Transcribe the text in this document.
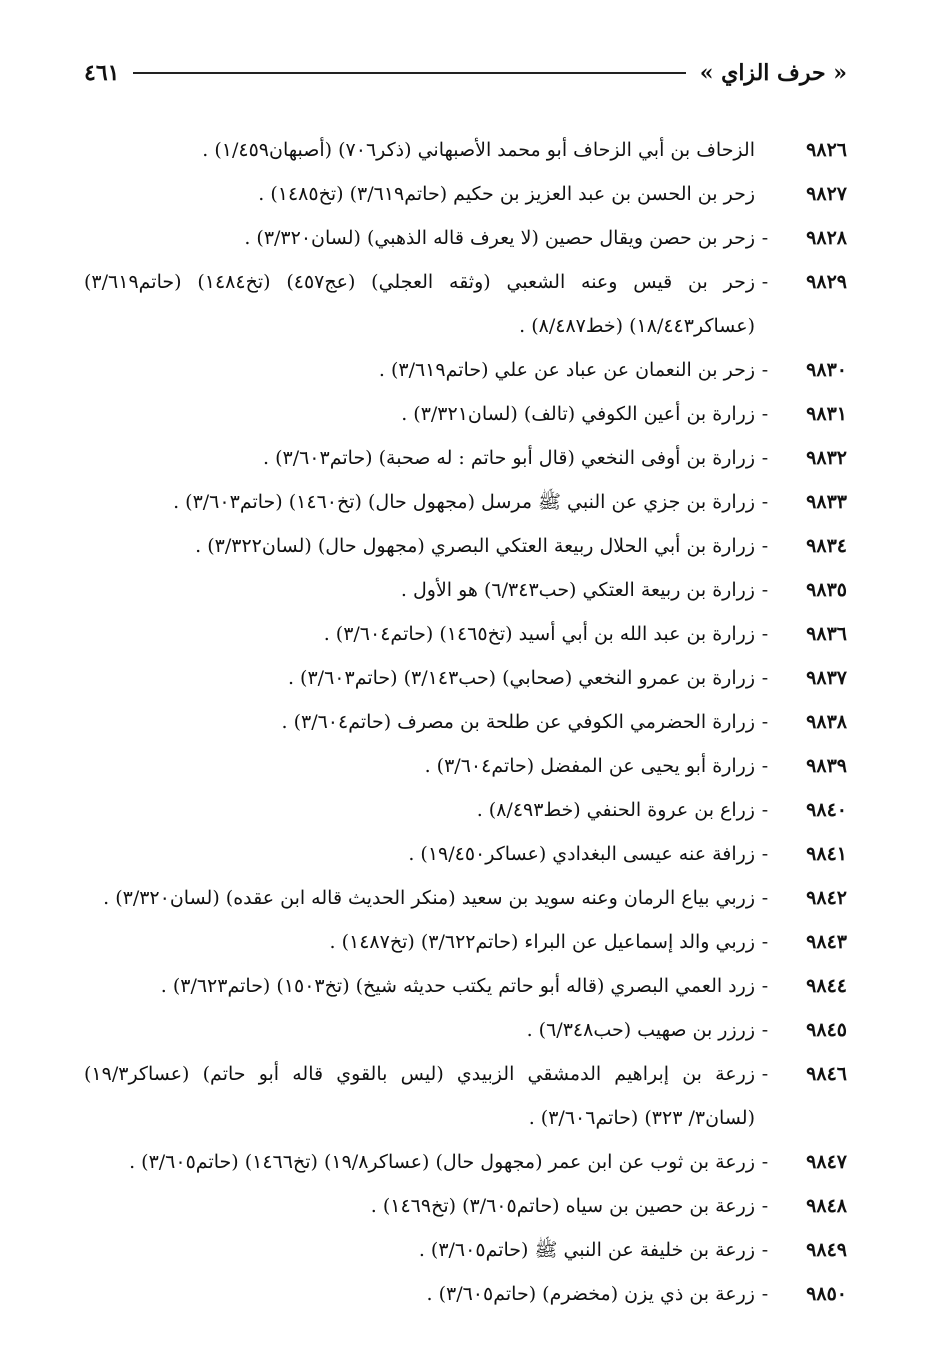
٤٦١	« حرف الزاي »
٩٨٢٦
الزحاف بن أبي الزحاف أبو محمد الأصبهاني (ذكر٧٠٦) (أصبهان١/٤٥٩) .
٩٨٢٧
زحر بن الحسن بن عبد العزيز بن حكيم (حاتم٣/٦١٩) (تخ١٤٨٥) .
٩٨٢٨
-
زحر بن حصن ويقال حصين (لا يعرف قاله الذهبي) (لسان٣/٣٢٠) .
٩٨٢٩
-
زحر بن قيس وعنه الشعبي (وثقه العجلي) (عج٤٥٧) (تخ١٤٨٤) (حاتم٣/٦١٩) (عساكر١٨/٤٤٣) (خط٨/٤٨٧) .
٩٨٣٠
-
زحر بن النعمان عن عباد عن علي (حاتم٣/٦١٩) .
٩٨٣١
-
زرارة بن أعين الكوفي (تالف) (لسان٣/٣٢١) .
٩٨٣٢
-
زرارة بن أوفى النخعي (قال أبو حاتم : له صحبة) (حاتم٣/٦٠٣) .
٩٨٣٣
-
زرارة بن جزي عن النبي ﷺ مرسل (مجهول حال) (تخ١٤٦٠) (حاتم٣/٦٠٣) .
٩٨٣٤
-
زرارة بن أبي الحلال ربيعة العتكي البصري (مجهول حال) (لسان٣/٣٢٢) .
٩٨٣٥
-
زرارة بن ربيعة العتكي (حب٦/٣٤٣) هو الأول .
٩٨٣٦
-
زرارة بن عبد الله بن أبي أسيد (تخ١٤٦٥) (حاتم٣/٦٠٤) .
٩٨٣٧
-
زرارة بن عمرو النخعي (صحابي) (حب٣/١٤٣) (حاتم٣/٦٠٣) .
٩٨٣٨
-
زرارة الحضرمي الكوفي عن طلحة بن مصرف (حاتم٣/٦٠٤) .
٩٨٣٩
-
زرارة أبو يحيى عن المفضل (حاتم٣/٦٠٤) .
٩٨٤٠
-
زراع بن عروة الحنفي (خط٨/٤٩٣) .
٩٨٤١
-
زرافة عنه عيسى البغدادي (عساكر١٩/٤٥٠) .
٩٨٤٢
-
زربي بياع الرمان وعنه سويد بن سعيد (منكر الحديث قاله ابن عقده) (لسان٣/٣٢٠) .
٩٨٤٣
-
زربي والد إسماعيل عن البراء (حاتم٣/٦٢٢) (تخ١٤٨٧) .
٩٨٤٤
-
زرد العمي البصري (قاله أبو حاتم يكتب حديثه شيخ) (تخ١٥٠٣) (حاتم٣/٦٢٣) .
٩٨٤٥
-
زرزر بن صهيب (حب٦/٣٤٨) .
٩٨٤٦
-
زرعة بن إبراهيم الدمشقي الزبيدي (ليس بالقوي قاله أبو حاتم) (عساكر١٩/٣) (لسان٣/ ٣٢٣) (حاتم٣/٦٠٦) .
٩٨٤٧
-
زرعة بن ثوب عن ابن عمر (مجهول حال) (عساكر١٩/٨) (تخ١٤٦٦) (حاتم٣/٦٠٥) .
٩٨٤٨
-
زرعة بن حصين بن سياه (حاتم٣/٦٠٥) (تخ١٤٦٩) .
٩٨٤٩
-
زرعة بن خليفة عن النبي ﷺ (حاتم٣/٦٠٥) .
٩٨٥٠
-
زرعة بن ذي يزن (مخضرم) (حاتم٣/٦٠٥) .
